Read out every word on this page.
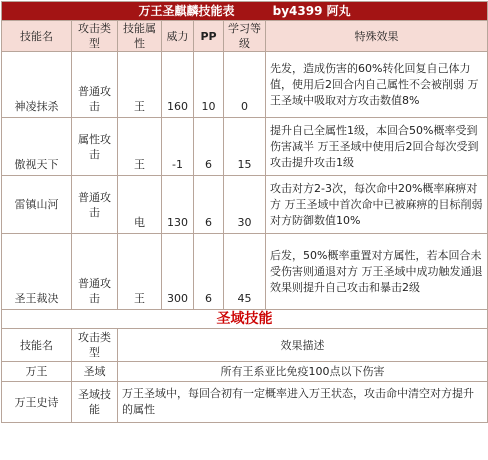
万王圣麒麟技能表 by4399 阿丸						
技能名	攻击类型	技能属性	威力	PP	学习等级	特殊效果
神凌抹杀	普通攻击	王	160	10	0	先发，造成伤害的60%转化回复自己体力值，使用后2回合内自己属性不会被削弱 万王圣域中吸取对方攻击数值8%
傲视天下	属性攻击	王	-1	6	15	提升自己全属性1级，本回合50%概率受到伤害减半 万王圣域中使用后2回合每次受到攻击提升攻击1级
雷镇山河	普通攻击	电	130	6	30	攻击对方2-3次，每次命中20%概率麻痹对方 万王圣域中首次命中已被麻痹的目标削弱对方防御数值10%
圣王裁决	普通攻击	王	300	6	45	后发，50%概率重置对方属性，若本回合未受伤害则通退对方 万王圣域中成功触发通退效果则提升自己攻击和暴击2级
圣域技能						
技能名	攻击类型	效果描述				
万王	圣域	所有王系亚比免疫100点以下伤害				
万王史诗	圣域技能	万王圣域中，每回合初有一定概率进入万王状态，攻击命中清空对方提升的属性				
